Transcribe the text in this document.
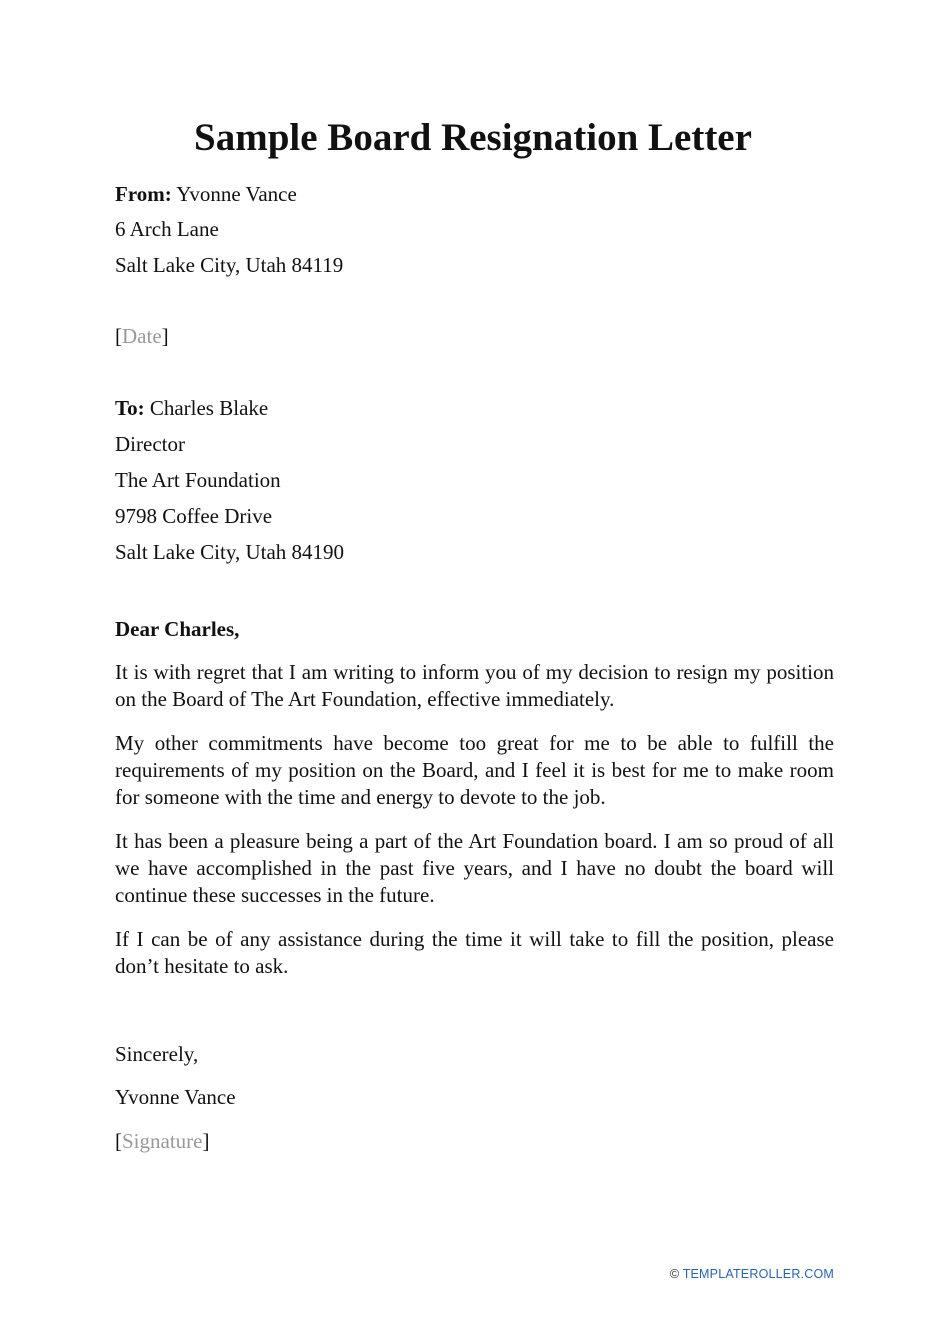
Sample Board Resignation Letter
From: Yvonne Vance
6 Arch Lane
Salt Lake City, Utah 84119
[Date]
To: Charles Blake
Director
The Art Foundation
9798 Coffee Drive
Salt Lake City, Utah 84190
Dear Charles,

It is with regret that I am writing to inform you of my decision to resign my position on the Board of The Art Foundation, effective immediately.

My other commitments have become too great for me to be able to fulfill the requirements of my position on the Board, and I feel it is best for me to make room for someone with the time and energy to devote to the job.

It has been a pleasure being a part of the Art Foundation board. I am so proud of all we have accomplished in the past five years, and I have no doubt the board will continue these successes in the future.

If I can be of any assistance during the time it will take to fill the position, please don’t hesitate to ask.

Sincerely,
Yvonne Vance
[Signature]
© TEMPLATEROLLER.COM
